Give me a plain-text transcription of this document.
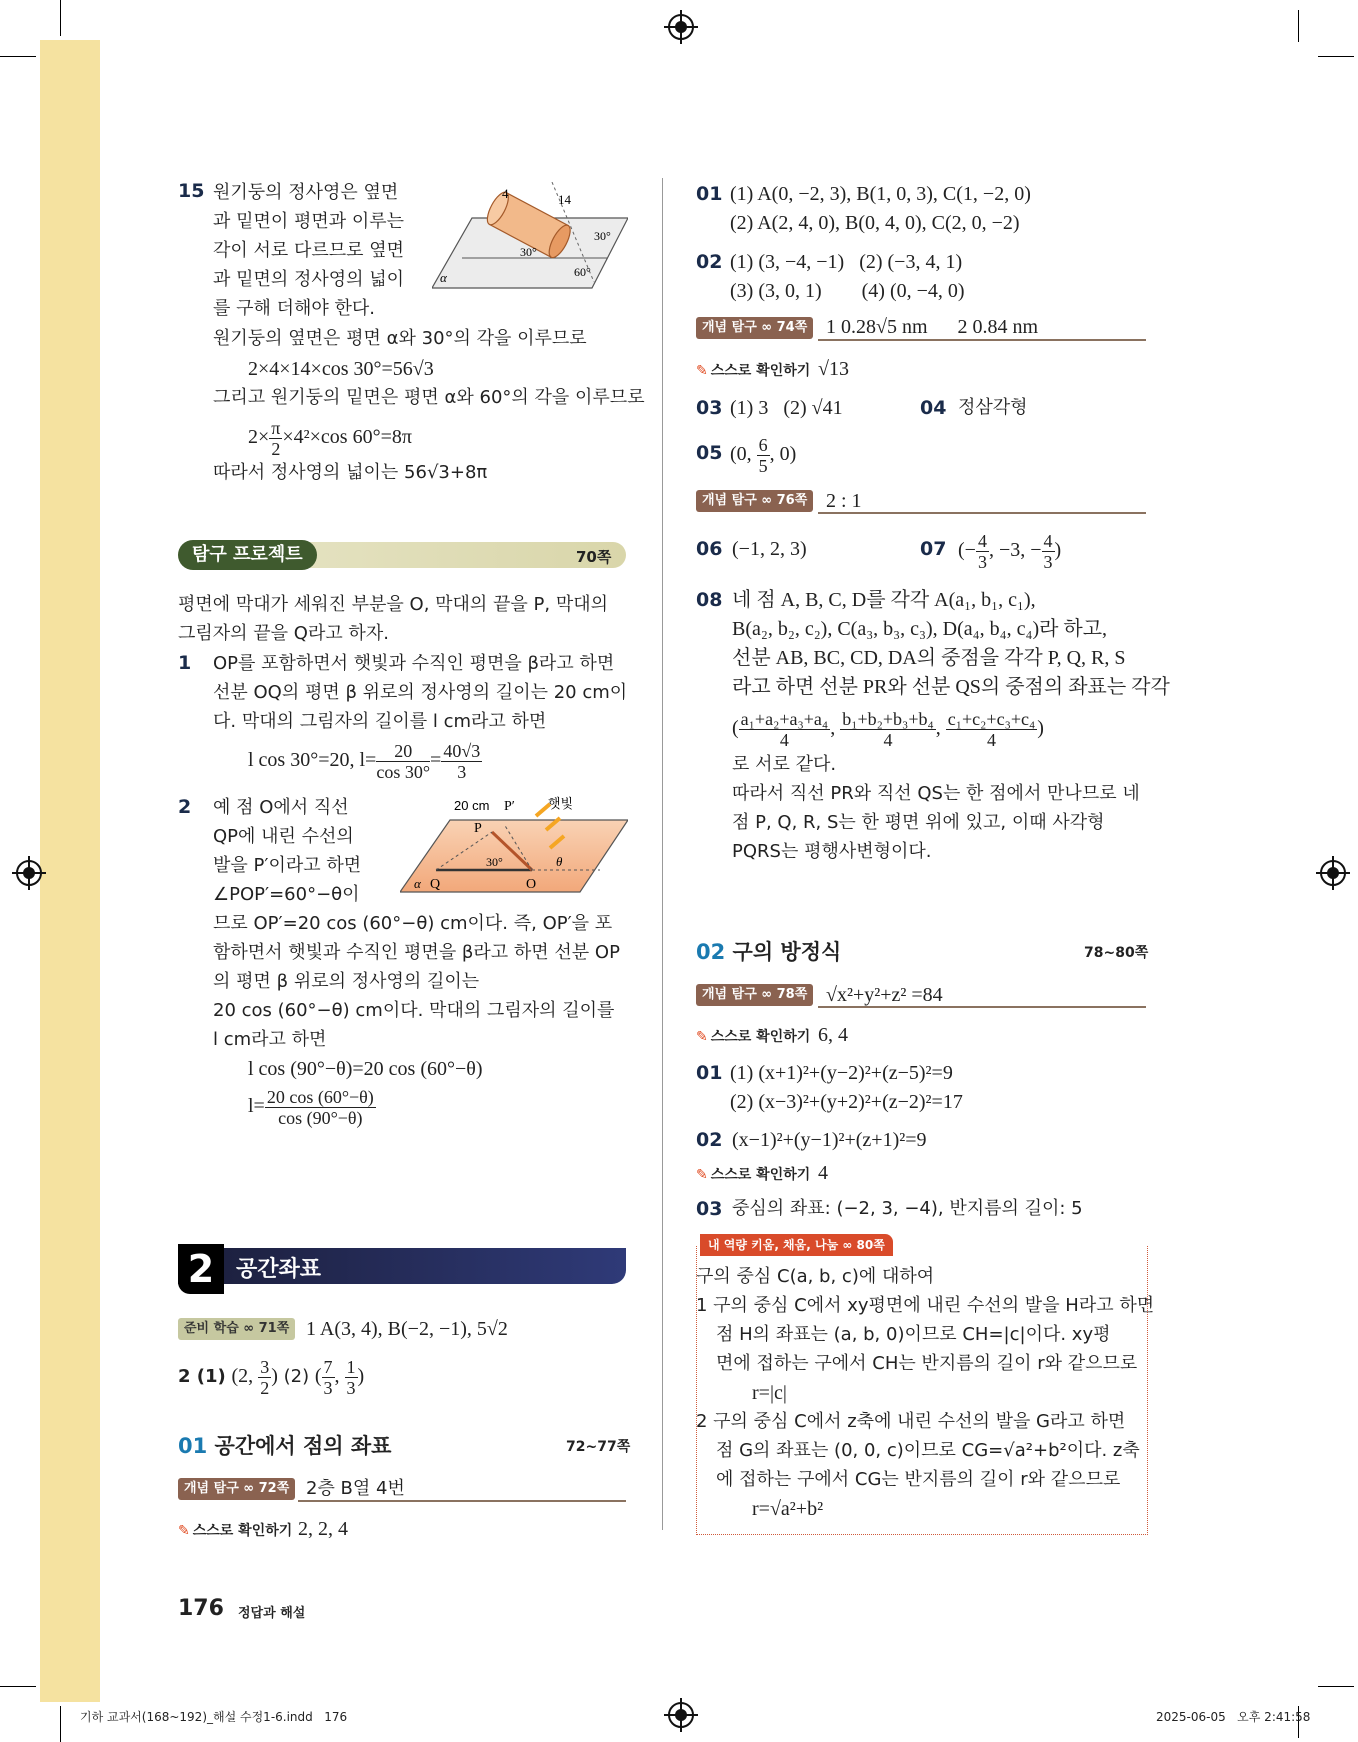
15 원기둥의 정사영은 옆면
과 밑면이 평면과 이루는
각이 서로 다르므로 옆면
과 밑면의 정사영의 넓이
를 구해 더해야 한다.
4	14
30°
30°
60°
α
원기둥의 옆면은 평면 α와 30°의 각을 이루므로
2×4×14×cos 30°=56√3
그리고 원기둥의 밑면은 평면 α와 60°의 각을 이루므로
$2\times \frac{\pi}{2} \times 4^2\times\cos$ 60°=8π
따라서 정사영의 넓이는 56√3+8π
탐구 프로젝트	70쪽
평면에 막대가 세워진 부분을 O, 막대의 끝을 P, 막대의
그림자의 끝을 Q라고 하자.
1 OP를 포함하면서 햇빛과 수직인 평면을 β라고 하면
선분 OQ의 평면 β 위로의 정사영의 길이는 20 cm이
다. 막대의 그림자의 길이를 l cm라고 하면
l cos 30°=20, $l= \frac{20}{\cos 30^\circ} = \frac{40√3}{3}$
2 예 점 O에서 직선
QP에 내린 수선의
발을 P′이라고 하면
∠POP′=60°−θ이
20 cm P′	햇빛
P
Q	O
30°	θ
α
므로 OP′=20 cos (60°−θ) cm이다. 즉, OP′을 포
함하면서 햇빛과 수직인 평면을 β라고 하면 선분 OP
의 평면 β 위로의 정사영의 길이는
20 cos (60°−θ) cm이다. 막대의 그림자의 길이를
l cm라고 하면
l cos (90°−θ)=20 cos (60°−θ)
$l= \frac{20 \cos (60^\circ-\theta)}{\cos (90^\circ-\theta)}$
2 공간좌표
준비 학습 ∞ 71쪽 1 A(3, 4), B(−2, −1), 5√2
2 (1) (2, $\frac{3}{2}$ ) (2) ( $\frac{7}{3}$ , $\frac{1}{3}$ )
01 공간에서 점의 좌표	72~77쪽
개념 탐구 ∞ 72쪽 2층 B열 4번
✎ 스스로 확인하기 2, 2, 4
176 정답과 해설
01 (1) A(0, −2, 3), B(1, 0, 3), C(1, −2, 0)
(2) A(2, 4, 0), B(0, 4, 0), C(2, 0, −2)
02 (1) (3, −4, −1)   (2) (−3, 4, 1)
(3) (3, 0, 1)        (4) (0, −4, 0)
개념 탐구 ∞ 74쪽 1 0.28√5 nm      2 0.84 nm
✎ 스스로 확인하기 √13
03 (1) 3   (2) √41	04 정삼각형
05 (0, $\frac{6}{5}$ , 0)
개념 탐구 ∞ 76쪽 2 : 1
06 (−1, 2, 3)	07 (− $\frac{4}{3}$ , −3, − $\frac{4}{3}$ )
08 네 점 A, B, C, D를 각각 A(a₁, b₁, c₁),
B(a₂, b₂, c₂), C(a₃, b₃, c₃), D(a₄, b₄, c₄)라 하고,
선분 AB, BC, CD, DA의 중점을 각각 P, Q, R, S
라고 하면 선분 PR와 선분 QS의 중점의 좌표는 각각
( $\frac{\text{a₁+a₂+a₃+a₄}}{4}$ , $\frac{\text{b₁+b₂+b₃+b₄}}{4}$ , $\frac{\text{c₁+c₂+c₃+c₄}}{4}$ )
로 서로 같다.
따라서 직선 PR와 직선 QS는 한 점에서 만나므로 네
점 P, Q, R, S는 한 평면 위에 있고, 이때 사각형
PQRS는 평행사변형이다.
02 구의 방정식	78~80쪽
개념 탐구 ∞ 78쪽 √x²+y²+z² =84
✎ 스스로 확인하기 6, 4
01 (1) (x+1)²+(y−2)²+(z−5)²=9
(2) (x−3)²+(y+2)²+(z−2)²=17
02 (x−1)²+(y−1)²+(z+1)²=9
✎ 스스로 확인하기 4
03 중심의 좌표: (−2, 3, −4), 반지름의 길이: 5
내 역량 키움, 채움, 나눔 ∞ 80쪽
구의 중심 C(a, b, c)에 대하여
1 구의 중심 C에서 xy평면에 내린 수선의 발을 H라고 하면
점 H의 좌표는 (a, b, 0)이므로 CH=|c|이다. xy평
면에 접하는 구에서 CH는 반지름의 길이 r와 같으므로
r=|c|
2 구의 중심 C에서 z축에 내린 수선의 발을 G라고 하면
점 G의 좌표는 (0, 0, c)이므로 CG=√a²+b²이다. z축
에 접하는 구에서 CG는 반지름의 길이 r와 같으므로
r=√a²+b²
기하 교과서(168~192)_해설 수정1-6.indd   176	2025-06-05   오후 2:41:58
